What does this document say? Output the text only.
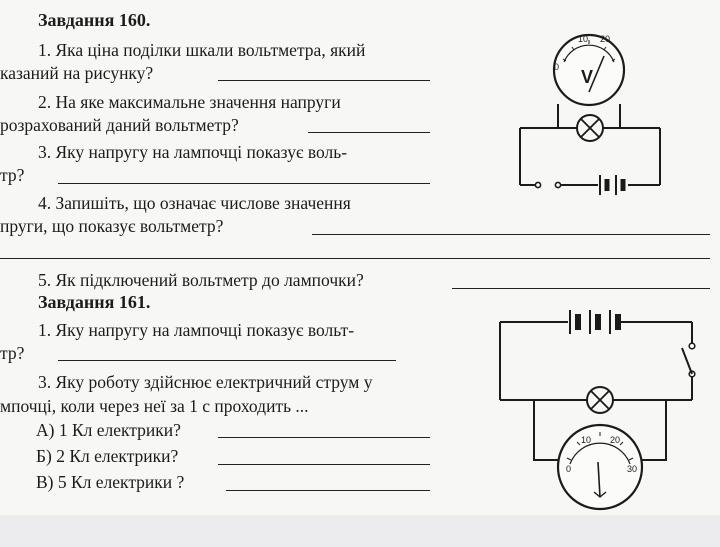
Завдання 160.
1. Яка ціна поділки шкали вольтметра, який
казаний на рисунку?
2. На яке максимальне значення напруги
розрахований даний вольтметр?
3. Яку напругу на лампочці показує воль-
тр?
4. Запишіть, що означає числове значення
пруги, що показує вольтметр?
5. Як підключений вольтметр до лампочки?
Завдання 161.
1. Яку напругу на лампочці показує вольт-
тр?
3. Яку роботу здійснює електричний струм у
мпочці, коли через неї за 1 с проходить ...
А) 1 Кл електрики?
Б) 2 Кл електрики?
В) 5 Кл електрики ?
0
10 20
V
0
10 20
30
